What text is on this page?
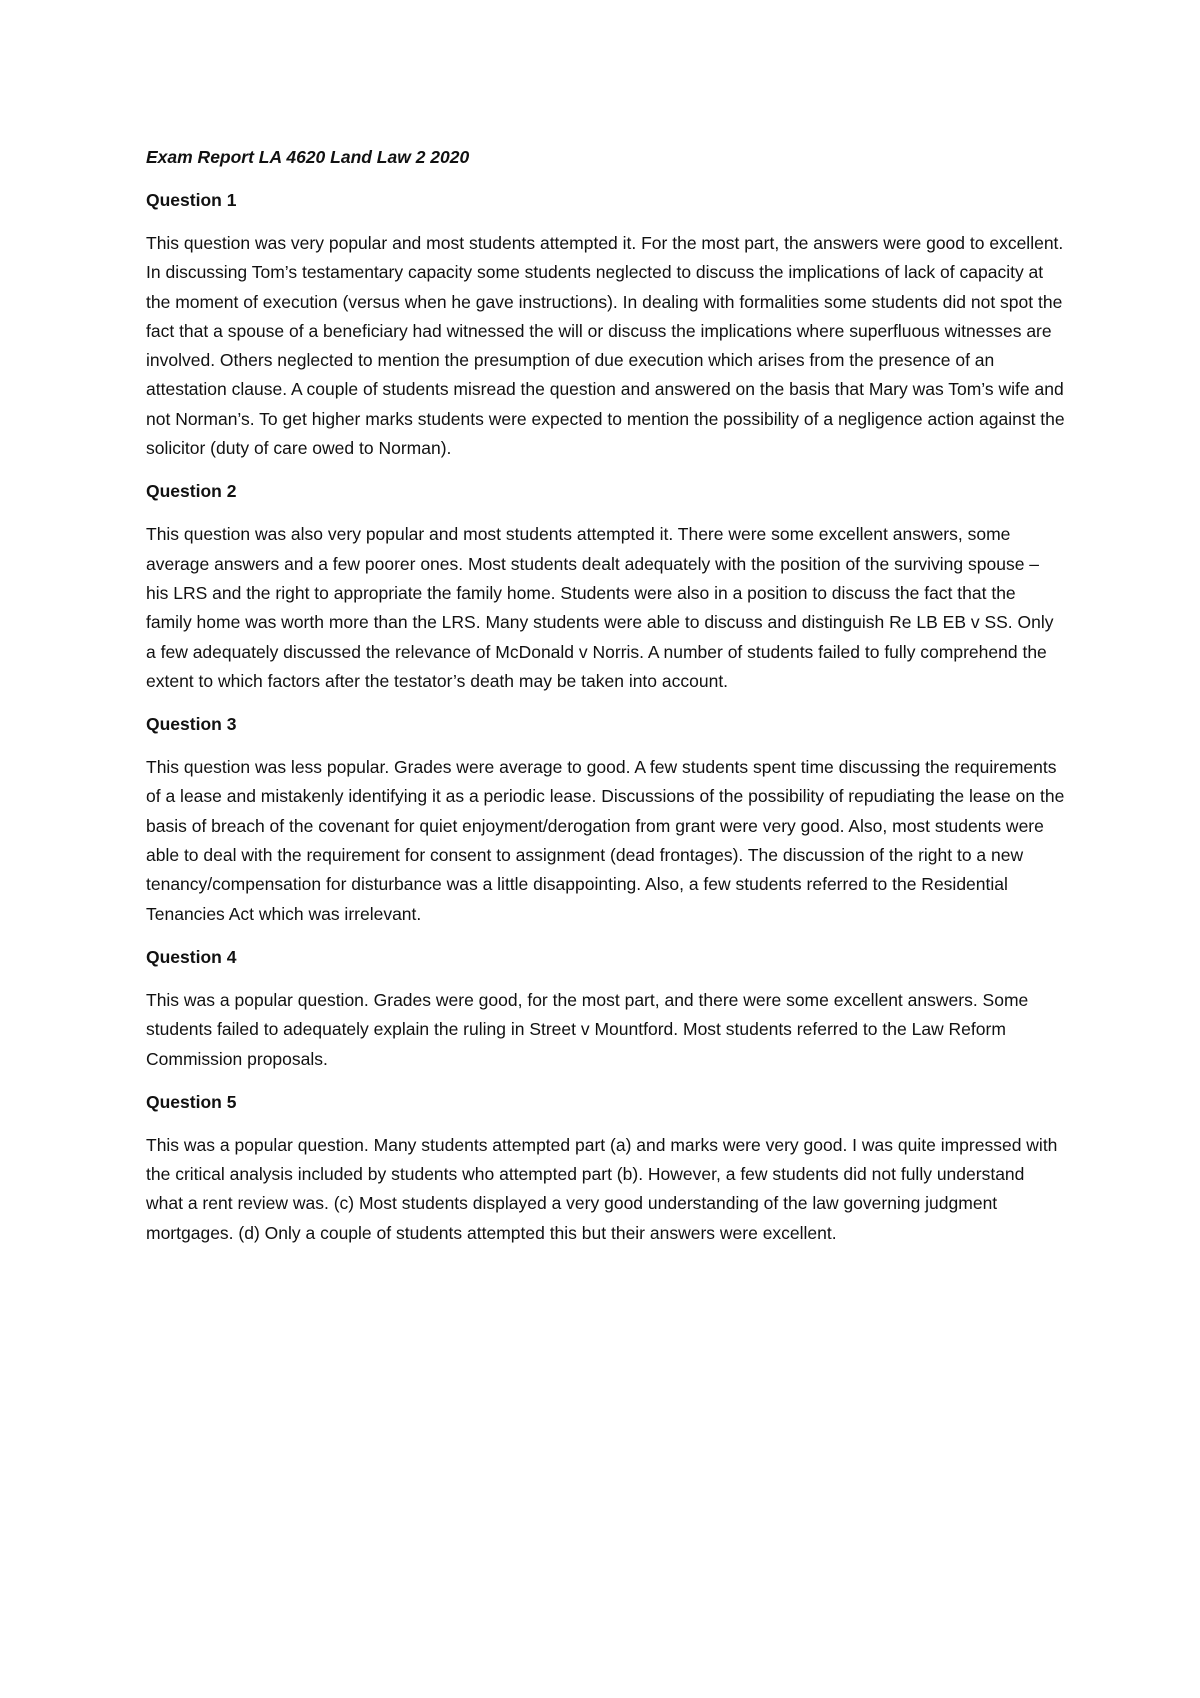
Exam Report LA 4620 Land Law 2 2020

Question 1

This question was very popular and most students attempted it. For the most part, the answers were good to excellent. In discussing Tom’s testamentary capacity some students neglected to discuss the implications of lack of capacity at the moment of execution (versus when he gave instructions). In dealing with formalities some students did not spot the fact that a spouse of a beneficiary had witnessed the will or discuss the implications where superfluous witnesses are involved. Others neglected to mention the presumption of due execution which arises from the presence of an attestation clause. A couple of students misread the question and answered on the basis that Mary was Tom’s wife and not Norman’s. To get higher marks students were expected to mention the possibility of a negligence action against the solicitor (duty of care owed to Norman).

Question 2

This question was also very popular and most students attempted it. There were some excellent answers, some average answers and a few poorer ones. Most students dealt adequately with the position of the surviving spouse – his LRS and the right to appropriate the family home. Students were also in a position to discuss the fact that the family home was worth more than the LRS. Many students were able to discuss and distinguish Re LB EB v SS. Only a few adequately discussed the relevance of McDonald v Norris. A number of students failed to fully comprehend the extent to which factors after the testator’s death may be taken into account.

Question 3

This question was less popular. Grades were average to good. A few students spent time discussing the requirements of a lease and mistakenly identifying it as a periodic lease. Discussions of the possibility of repudiating the lease on the basis of breach of the covenant for quiet enjoyment/derogation from grant were very good. Also, most students were able to deal with the requirement for consent to assignment (dead frontages). The discussion of the right to a new tenancy/compensation for disturbance was a little disappointing. Also, a few students referred to the Residential Tenancies Act which was irrelevant.

Question 4

This was a popular question. Grades were good, for the most part, and there were some excellent answers. Some students failed to adequately explain the ruling in Street v Mountford. Most students referred to the Law Reform Commission proposals.

Question 5

This was a popular question. Many students attempted part (a) and marks were very good. I was quite impressed with the critical analysis included by students who attempted part (b). However, a few students did not fully understand what a rent review was. (c) Most students displayed a very good understanding of the law governing judgment mortgages. (d) Only a couple of students attempted this but their answers were excellent.
